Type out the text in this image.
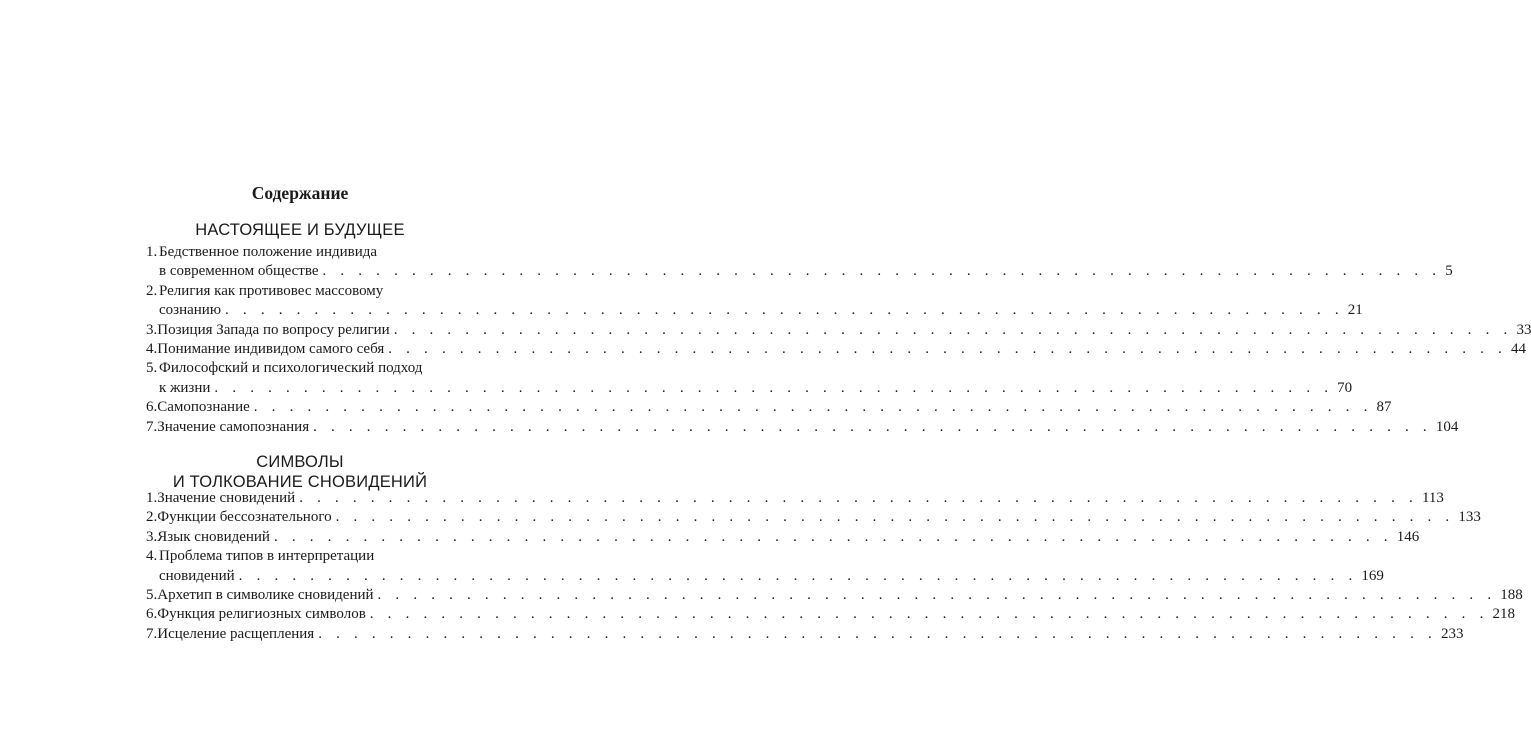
Содержание
НАСТОЯЩЕЕ И БУДУЩЕЕ
1. Бедственное положение индивида
в современном обществе . . . . . . . . . . . . . . . . . . . . . . . . . . . . . . . . . . . . . . . . . . . . . . . . . . . . . . . . . . . . . . . 5
2. Религия как противовес массовому
сознанию . . . . . . . . . . . . . . . . . . . . . . . . . . . . . . . . . . . . . . . . . . . . . . . . . . . . . . . . . . . . . . . 21
3. Позиция Запада по вопросу религии . . . . . . . . . . . . . . . . . . . . . . . . . . . . . . . . . . . . . . . . . . . . . . . . . . . . . . . . . . . . . . . 33
4. Понимание индивидом самого себя . . . . . . . . . . . . . . . . . . . . . . . . . . . . . . . . . . . . . . . . . . . . . . . . . . . . . . . . . . . . . . . 44
5. Философский и психологический подход
к жизни . . . . . . . . . . . . . . . . . . . . . . . . . . . . . . . . . . . . . . . . . . . . . . . . . . . . . . . . . . . . . . . 70
6. Самопознание . . . . . . . . . . . . . . . . . . . . . . . . . . . . . . . . . . . . . . . . . . . . . . . . . . . . . . . . . . . . . . . 87
7. Значение самопознания . . . . . . . . . . . . . . . . . . . . . . . . . . . . . . . . . . . . . . . . . . . . . . . . . . . . . . . . . . . . . . . 104
СИМВОЛЫ
И ТОЛКОВАНИЕ СНОВИДЕНИЙ
1. Значение сновидений . . . . . . . . . . . . . . . . . . . . . . . . . . . . . . . . . . . . . . . . . . . . . . . . . . . . . . . . . . . . . . . 113
2. Функции бессознательного . . . . . . . . . . . . . . . . . . . . . . . . . . . . . . . . . . . . . . . . . . . . . . . . . . . . . . . . . . . . . . . 133
3. Язык сновидений . . . . . . . . . . . . . . . . . . . . . . . . . . . . . . . . . . . . . . . . . . . . . . . . . . . . . . . . . . . . . . . 146
4. Проблема типов в интерпретации
сновидений . . . . . . . . . . . . . . . . . . . . . . . . . . . . . . . . . . . . . . . . . . . . . . . . . . . . . . . . . . . . . . . 169
5. Архетип в символике сновидений . . . . . . . . . . . . . . . . . . . . . . . . . . . . . . . . . . . . . . . . . . . . . . . . . . . . . . . . . . . . . . . 188
6. Функция религиозных символов . . . . . . . . . . . . . . . . . . . . . . . . . . . . . . . . . . . . . . . . . . . . . . . . . . . . . . . . . . . . . . . 218
7. Исцеление расщепления . . . . . . . . . . . . . . . . . . . . . . . . . . . . . . . . . . . . . . . . . . . . . . . . . . . . . . . . . . . . . . . 233
